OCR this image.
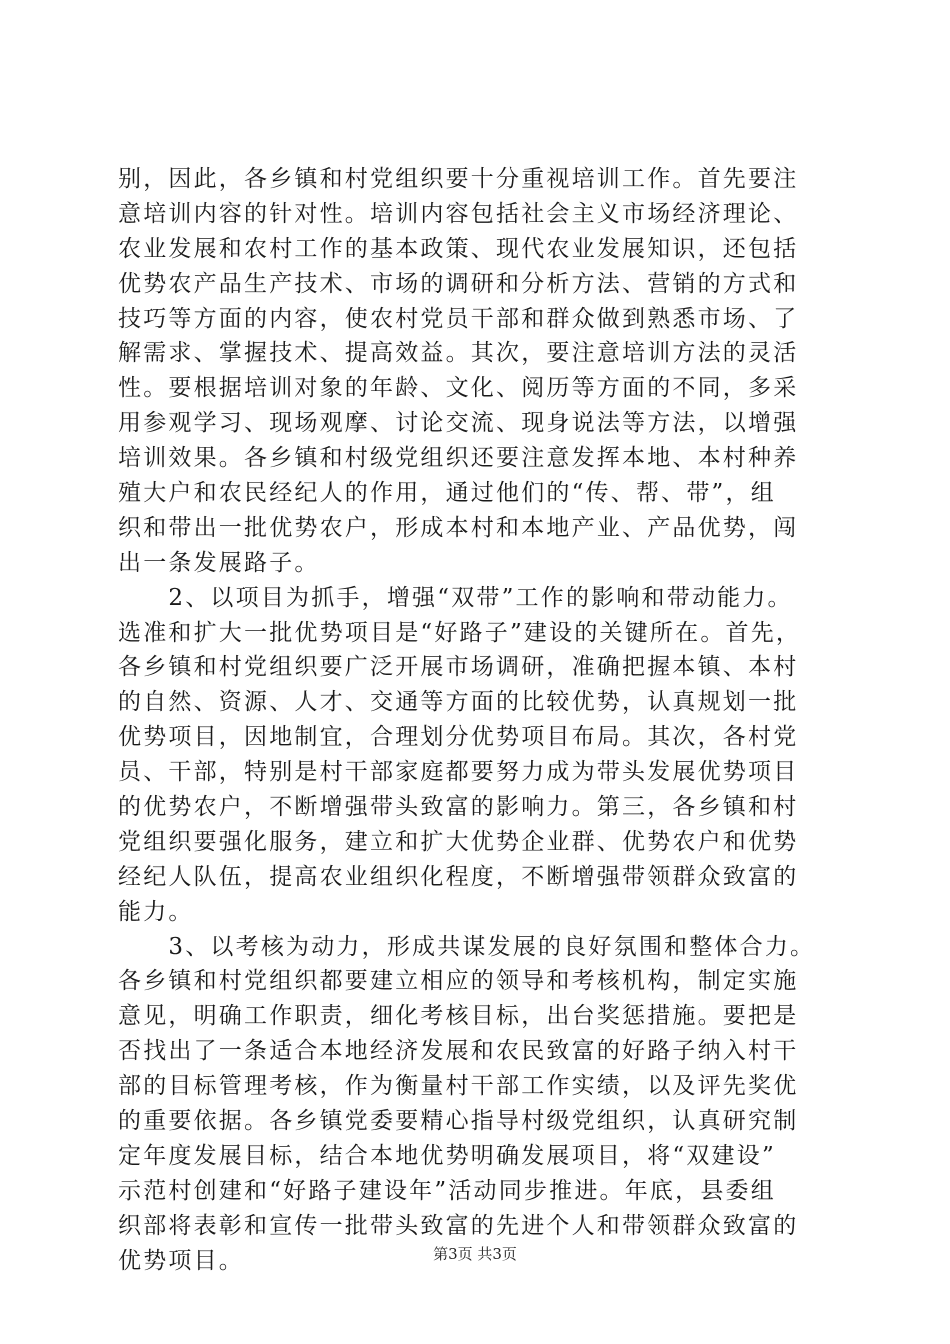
别，因此，各乡镇和村党组织要十分重视培训工作。首先要注
意培训内容的针对性。培训内容包括社会主义市场经济理论、
农业发展和农村工作的基本政策、现代农业发展知识，还包括
优势农产品生产技术、市场的调研和分析方法、营销的方式和
技巧等方面的内容，使农村党员干部和群众做到熟悉市场、了
解需求、掌握技术、提高效益。其次，要注意培训方法的灵活
性。要根据培训对象的年龄、文化、阅历等方面的不同，多采
用参观学习、现场观摩、讨论交流、现身说法等方法，以增强
培训效果。各乡镇和村级党组织还要注意发挥本地、本村种养
殖大户和农民经纪人的作用，通过他们的“传、帮、带”，组
织和带出一批优势农户，形成本村和本地产业、产品优势，闯
出一条发展路子。
　　2、以项目为抓手，增强“双带”工作的影响和带动能力。
选准和扩大一批优势项目是“好路子”建设的关键所在。首先，
各乡镇和村党组织要广泛开展市场调研，准确把握本镇、本村
的自然、资源、人才、交通等方面的比较优势，认真规划一批
优势项目，因地制宜，合理划分优势项目布局。其次，各村党
员、干部，特别是村干部家庭都要努力成为带头发展优势项目
的优势农户，不断增强带头致富的影响力。第三，各乡镇和村
党组织要强化服务，建立和扩大优势企业群、优势农户和优势
经纪人队伍，提高农业组织化程度，不断增强带领群众致富的
能力。
　　3、以考核为动力，形成共谋发展的良好氛围和整体合力。
各乡镇和村党组织都要建立相应的领导和考核机构，制定实施
意见，明确工作职责，细化考核目标，出台奖惩措施。要把是
否找出了一条适合本地经济发展和农民致富的好路子纳入村干
部的目标管理考核，作为衡量村干部工作实绩，以及评先奖优
的重要依据。各乡镇党委要精心指导村级党组织，认真研究制
定年度发展目标，结合本地优势明确发展项目，将“双建设”
示范村创建和“好路子建设年”活动同步推进。年底，县委组
织部将表彰和宣传一批带头致富的先进个人和带领群众致富的
优势项目。	第3页 共3页
